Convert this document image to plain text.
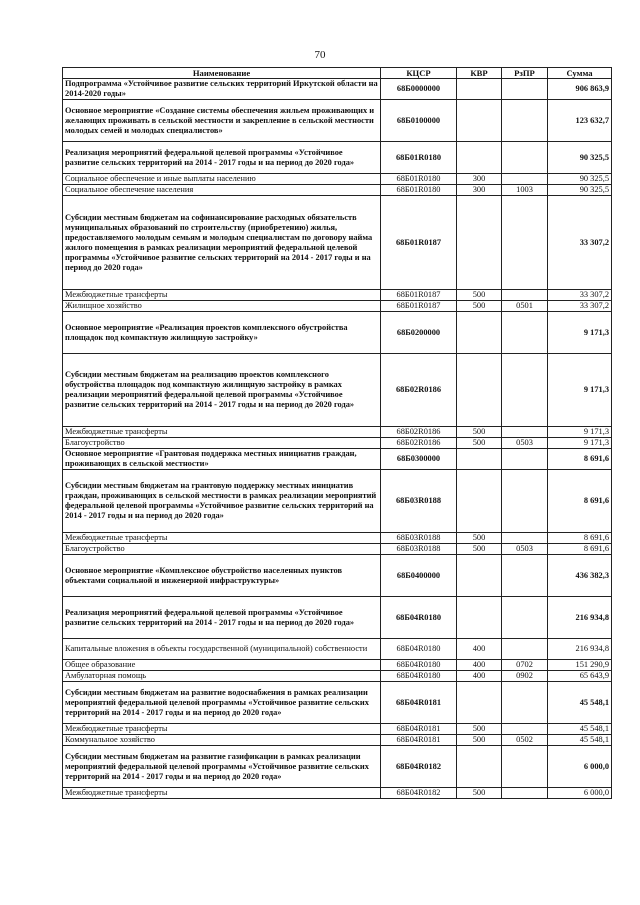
70
Наименование	КЦСР	КВР	РзПР	Сумма
Подпрограмма «Устойчивое развитие сельских территорий Иркутской области на 2014-2020 годы»	68Б0000000			906 863,9
Основное мероприятие «Создание системы обеспечения жильем проживающих и желающих проживать в сельской местности и закрепление в сельской местности молодых семей и молодых специалистов»	68Б0100000			123 632,7
Реализация мероприятий федеральной целевой программы «Устойчивое развитие сельских территорий на 2014 - 2017 годы и на период до 2020 года»	68Б01R0180			90 325,5
Социальное обеспечение и иные выплаты населению	68Б01R0180	300		90 325,5
Социальное обеспечение населения	68Б01R0180	300	1003	90 325,5
Субсидии местным бюджетам на софинансирование расходных обязательств муниципальных образований по строительству (приобретению) жилья, предоставляемого молодым семьям и молодым специалистам по договору найма жилого помещения в рамках реализации мероприятий федеральной целевой программы «Устойчивое развитие сельских территорий на 2014 - 2017 годы и на период до 2020 года»	68Б01R0187			33 307,2
Межбюджетные трансферты	68Б01R0187	500		33 307,2
Жилищное хозяйство	68Б01R0187	500	0501	33 307,2
Основное мероприятие «Реализация проектов комплексного обустройства площадок под компактную жилищную застройку»	68Б0200000			9 171,3
Субсидии местным бюджетам на реализацию проектов комплексного обустройства площадок под компактную жилищную застройку в рамках реализации мероприятий федеральной целевой программы «Устойчивое развитие сельских территорий на 2014 - 2017 годы и на период до 2020 года»	68Б02R0186			9 171,3
Межбюджетные трансферты	68Б02R0186	500		9 171,3
Благоустройство	68Б02R0186	500	0503	9 171,3
Основное мероприятие «Грантовая поддержка местных инициатив граждан, проживающих в сельской местности»	68Б0300000			8 691,6
Субсидии местным бюджетам на грантовую поддержку местных инициатив граждан, проживающих в сельской местности в рамках реализации мероприятий федеральной целевой программы «Устойчивое развитие сельских территорий на 2014 - 2017 годы и на период до 2020 года»	68Б03R0188			8 691,6
Межбюджетные трансферты	68Б03R0188	500		8 691,6
Благоустройство	68Б03R0188	500	0503	8 691,6
Основное мероприятие «Комплексное обустройство населенных пунктов объектами социальной и инженерной инфраструктуры»	68Б0400000			436 382,3
Реализация мероприятий федеральной целевой программы «Устойчивое развитие сельских территорий на 2014 - 2017 годы и на период до 2020 года»	68Б04R0180			216 934,8
Капитальные вложения в объекты государственной (муниципальной) собственности	68Б04R0180	400		216 934,8
Общее образование	68Б04R0180	400	0702	151 290,9
Амбулаторная помощь	68Б04R0180	400	0902	65 643,9
Субсидии местным бюджетам на развитие водоснабжения в рамках реализации мероприятий федеральной целевой программы «Устойчивое развитие сельских территорий на 2014 - 2017 годы и на период до 2020 года»	68Б04R0181			45 548,1
Межбюджетные трансферты	68Б04R0181	500		45 548,1
Коммунальное хозяйство	68Б04R0181	500	0502	45 548,1
Субсидии местным бюджетам на развитие газификации в рамках реализации мероприятий федеральной целевой программы «Устойчивое развитие сельских территорий на 2014 - 2017 годы и на период до 2020 года»	68Б04R0182			6 000,0
Межбюджетные трансферты	68Б04R0182	500		6 000,0
